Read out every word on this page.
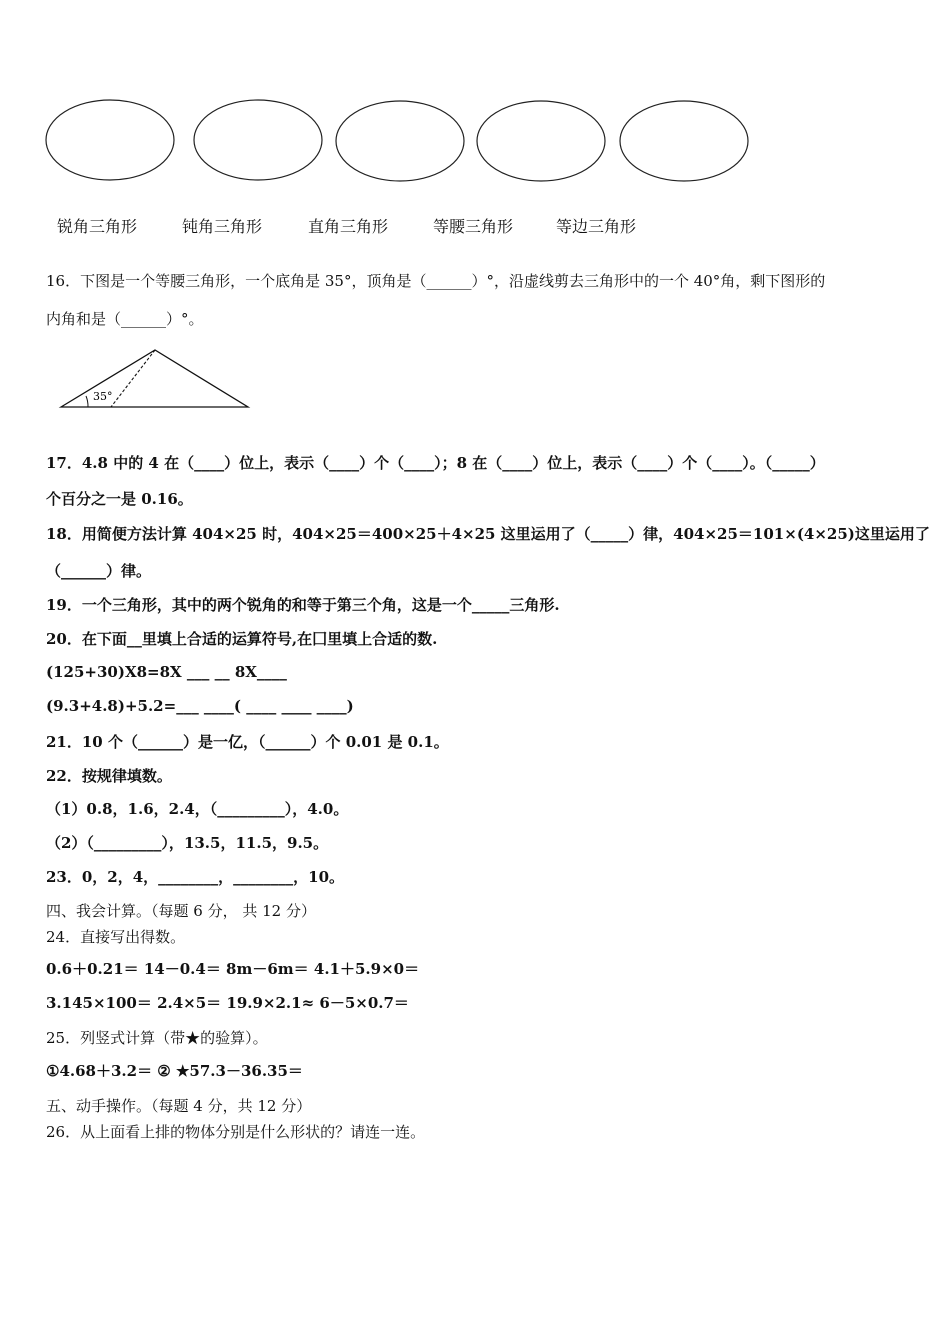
锐角三角形	钝角三角形	直角三角形	等腰三角形	等边三角形
16．下图是一个等腰三角形，一个底角是 35°，顶角是（______）°，沿虚线剪去三角形中的一个 40°角，剩下图形的
内角和是（______）°。
35°
17．4.8 中的 4 在（____）位上，表示（____）个（____）；8 在（____）位上，表示（____）个（____）。（_____）
个百分之一是 0.16。
18．用简便方法计算 404×25 时，404×25＝400×25＋4×25 这里运用了（_____）律，404×25＝101×(4×25)这里运用了
（______）律。
19．一个三角形，其中的两个锐角的和等于第三个角，这是一个_____三角形.
20．在下面__里填上合适的运算符号,在囗里填上合适的数.
(125+30)X8=8X ___ __ 8X____
(9.3+4.8)+5.2=___ ____( ____ ____ ____)
21．10 个（______）是一亿，（______）个 0.01 是 0.1。
22．按规律填数。
（1）0.8，1.6，2.4，（_________），4.0。
（2）（_________），13.5，11.5，9.5。
23．0，2，4，________，________，10。
四、我会计算。（每题 6 分， 共 12 分）
24．直接写出得数。
0.6＋0.21＝ 14－0.4＝ 8m－6m＝ 4.1＋5.9×0＝
3.145×100＝ 2.4×5＝ 19.9×2.1≈ 6－5×0.7＝
25．列竖式计算（带★的验算）。
①4.68＋3.2＝ ② ★57.3－36.35＝
五、动手操作。（每题 4 分，共 12 分）
26．从上面看上排的物体分别是什么形状的？请连一连。
